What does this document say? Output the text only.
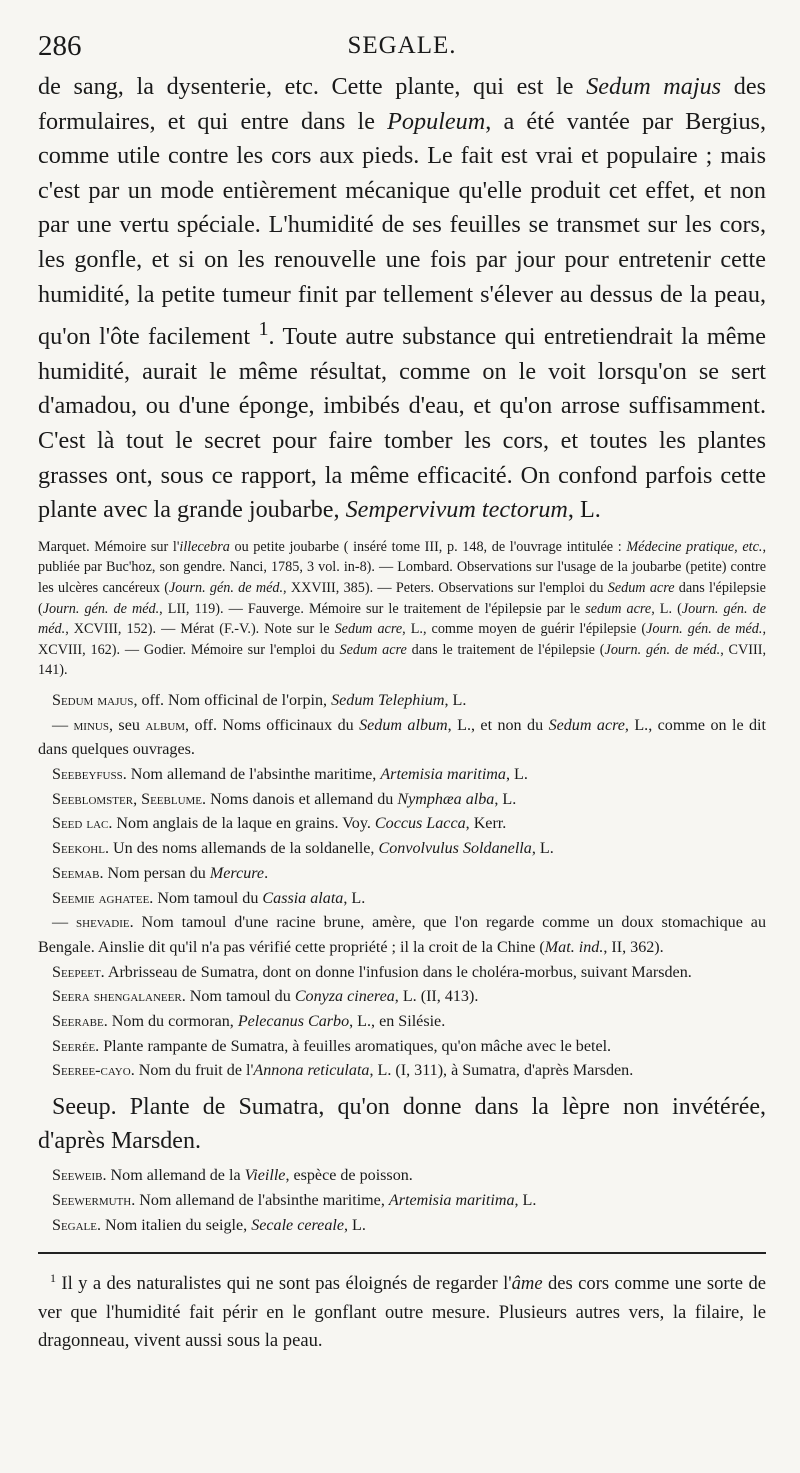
286	SEGALE.

de sang, la dysenterie, etc. Cette plante, qui est le Sedum majus des formulaires, et qui entre dans le Populeum, a été vantée par Bergius, comme utile contre les cors aux pieds. Le fait est vrai et populaire ; mais c'est par un mode entièrement mécanique qu'elle produit cet effet, et non par une vertu spéciale. L'humidité de ses feuilles se transmet sur les cors, les gonfle, et si on les renouvelle une fois par jour pour entretenir cette humidité, la petite tumeur finit par tellement s'élever au dessus de la peau, qu'on l'ôte facilement $^1$. Toute autre substance qui entretiendrait la même humidité, aurait le même résultat, comme on le voit lorsqu'on se sert d'amadou, ou d'une éponge, imbibés d'eau, et qu'on arrose suffisamment. C'est là tout le secret pour faire tomber les cors, et toutes les plantes grasses ont, sous ce rapport, la même efficacité. On confond parfois cette plante avec la grande joubarbe, Sempervivum tectorum, L.

Marquet. Mémoire sur l'illecebra ou petite joubarbe ( inséré tome III, p. 148, de l'ouvrage intitulée : Médecine pratique, etc., publiée par Buc'hoz, son gendre. Nanci, 1785, 3 vol. in-8). — Lombard. Observations sur l'usage de la joubarbe (petite) contre les ulcères cancéreux (Journ. gén. de méd., XXVIII, 385). — Peters. Observations sur l'emploi du Sedum acre dans l'épilepsie (Journ. gén. de méd., LII, 119). — Fauverge. Mémoire sur le traitement de l'épilepsie par le sedum acre, L. (Journ. gén. de méd., XCVIII, 152). — Mérat (F.-V.). Note sur le Sedum acre, L., comme moyen de guérir l'épilepsie (Journ. gén. de méd., XCVIII, 162). — Godier. Mémoire sur l'emploi du Sedum acre dans le traitement de l'épilepsie (Journ. gén. de méd., CVIII, 141).

Sedum majus, off. Nom officinal de l'orpin, Sedum Telephium, L.

— minus, seu album, off. Noms officinaux du Sedum album, L., et non du Sedum acre, L., comme on le dit dans quelques ouvrages.

Seebeyfuss. Nom allemand de l'absinthe maritime, Artemisia maritima, L.

Seeblomster, Seeblume. Noms danois et allemand du Nymphæa alba, L.

Seed lac. Nom anglais de la laque en grains. Voy. Coccus Lacca, Kerr.

Seekohl. Un des noms allemands de la soldanelle, Convolvulus Soldanella, L.

Seemab. Nom persan du Mercure.

Seemie aghatee. Nom tamoul du Cassia alata, L.

— shevadie. Nom tamoul d'une racine brune, amère, que l'on regarde comme un doux stomachique au Bengale. Ainslie dit qu'il n'a pas vérifié cette propriété ; il la croit de la Chine (Mat. ind., II, 362).

Seepeet. Arbrisseau de Sumatra, dont on donne l'infusion dans le choléra-morbus, suivant Marsden.

Seera shengalaneer. Nom tamoul du Conyza cinerea, L. (II, 413).

Seerabe. Nom du cormoran, Pelecanus Carbo, L., en Silésie.

Seerée. Plante rampante de Sumatra, à feuilles aromatiques, qu'on mâche avec le betel.

Seeree-cayo. Nom du fruit de l'Annona reticulata, L. (I, 311), à Sumatra, d'après Marsden.

Seeup. Plante de Sumatra, qu'on donne dans la lèpre non invétérée, d'après Marsden.

Seeweib. Nom allemand de la Vieille, espèce de poisson.

Seewermuth. Nom allemand de l'absinthe maritime, Artemisia maritima, L.

Segale. Nom italien du seigle, Secale cereale, L.

$^1$ Il y a des naturalistes qui ne sont pas éloignés de regarder l'âme des cors comme une sorte de ver que l'humidité fait périr en le gonflant outre mesure. Plusieurs autres vers, la filaire, le dragonneau, vivent aussi sous la peau.
